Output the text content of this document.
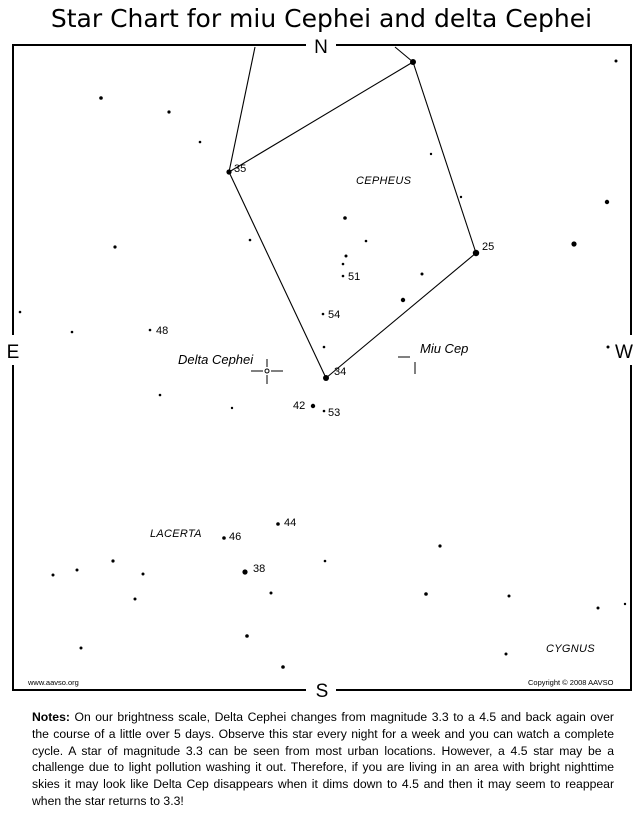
Star Chart for miu Cephei and delta Cephei
N
S
E	W
35
25
51
54
48
34
42
53
44
46
38
CEPHEUS
LACERTA
CYGNUS
Delta Cephei
Miu Cep
www.aavso.org	Copyright © 2008 AAVSO
Notes: On our brightness scale, Delta Cephei changes from magnitude 3.3 to a 4.5 and back again over the course of a little over 5 days. Observe this star every night for a week and you can watch a complete cycle. A star of magnitude 3.3 can be seen from most urban locations. However, a 4.5 star may be a challenge due to light pollution washing it out. Therefore, if you are living in an area with bright nighttime skies it may look like Delta Cep disappears when it dims down to 4.5 and then it may seem to reappear when the star returns to 3.3!
